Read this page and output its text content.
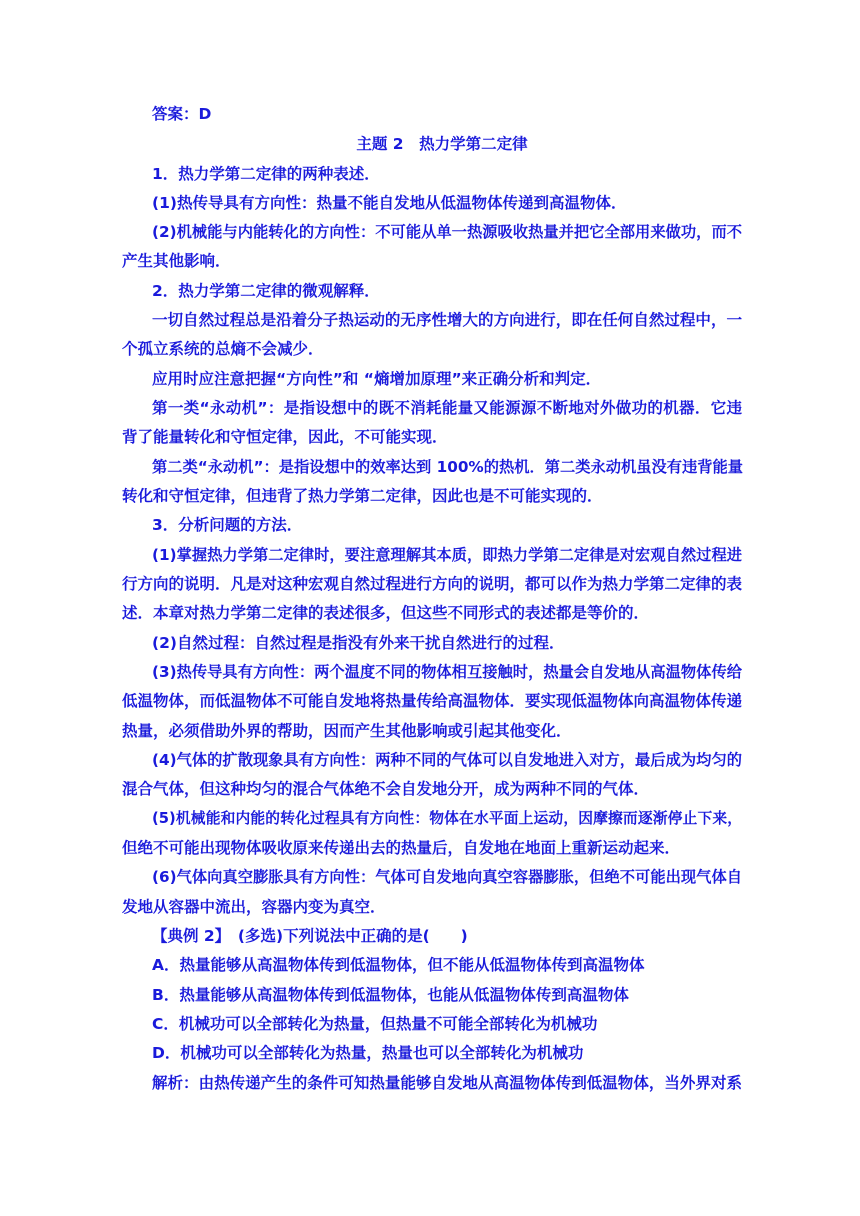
答案：D
主题 2　热力学第二定律
1．热力学第二定律的两种表述．
(1)热传导具有方向性：热量不能自发地从低温物体传递到高温物体．
(2)机械能与内能转化的方向性：不可能从单一热源吸收热量并把它全部用来做功，而不
产生其他影响．
2．热力学第二定律的微观解释．
一切自然过程总是沿着分子热运动的无序性增大的方向进行，即在任何自然过程中，一
个孤立系统的总熵不会减少．
应用时应注意把握“方向性”和 “熵增加原理”来正确分析和判定．
第一类“永动机”：是指设想中的既不消耗能量又能源源不断地对外做功的机器．它违
背了能量转化和守恒定律，因此，不可能实现．
第二类“永动机”：是指设想中的效率达到 100%的热机．第二类永动机虽没有违背能量
转化和守恒定律，但违背了热力学第二定律，因此也是不可能实现的．
3．分析问题的方法．
(1)掌握热力学第二定律时，要注意理解其本质，即热力学第二定律是对宏观自然过程进
行方向的说明．凡是对这种宏观自然过程进行方向的说明，都可以作为热力学第二定律的表
述．本章对热力学第二定律的表述很多，但这些不同形式的表述都是等价的．
(2)自然过程：自然过程是指没有外来干扰自然进行的过程．
(3)热传导具有方向性：两个温度不同的物体相互接触时，热量会自发地从高温物体传给
低温物体，而低温物体不可能自发地将热量传给高温物体．要实现低温物体向高温物体传递
热量，必须借助外界的帮助，因而产生其他影响或引起其他变化．
(4)气体的扩散现象具有方向性：两种不同的气体可以自发地进入对方，最后成为均匀的
混合气体，但这种均匀的混合气体绝不会自发地分开，成为两种不同的气体．
(5)机械能和内能的转化过程具有方向性：物体在水平面上运动，因摩擦而逐渐停止下来，
但绝不可能出现物体吸收原来传递出去的热量后，自发地在地面上重新运动起来．
(6)气体向真空膨胀具有方向性：气体可自发地向真空容器膨胀，但绝不可能出现气体自
发地从容器中流出，容器内变为真空．
【典例 2】　(多选)下列说法中正确的是(　　)
A．热量能够从高温物体传到低温物体，但不能从低温物体传到高温物体
B．热量能够从高温物体传到低温物体，也能从低温物体传到高温物体
C．机械功可以全部转化为热量，但热量不可能全部转化为机械功
D．机械功可以全部转化为热量，热量也可以全部转化为机械功
解析：由热传递产生的条件可知热量能够自发地从高温物体传到低温物体，当外界对系
